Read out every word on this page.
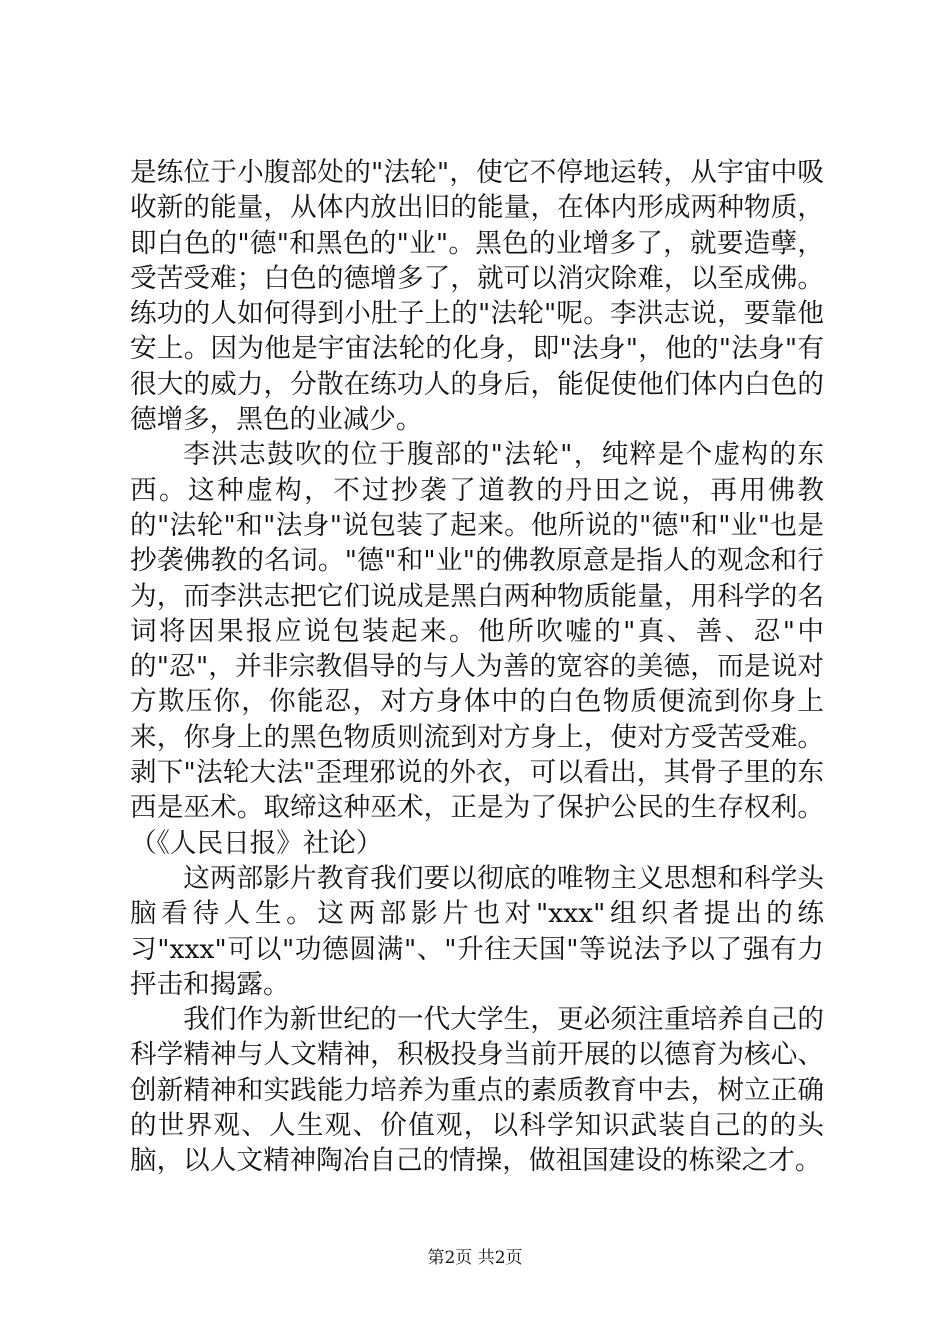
是练位于小腹部处的"法轮"，使它不停地运转，从宇宙中吸收新的能量，从体内放出旧的能量，在体内形成两种物质，即白色的"德"和黑色的"业"。黑色的业增多了，就要造孽，受苦受难；白色的德增多了，就可以消灾除难，以至成佛。练功的人如何得到小肚子上的"法轮"呢。李洪志说，要靠他安上。因为他是宇宙法轮的化身，即"法身"，他的"法身"有很大的威力，分散在练功人的身后，能促使他们体内白色的德增多，黑色的业减少。

李洪志鼓吹的位于腹部的"法轮"，纯粹是个虚构的东西。这种虚构，不过抄袭了道教的丹田之说，再用佛教的"法轮"和"法身"说包装了起来。他所说的"德"和"业"也是抄袭佛教的名词。"德"和"业"的佛教原意是指人的观念和行为，而李洪志把它们说成是黑白两种物质能量，用科学的名词将因果报应说包装起来。他所吹嘘的"真、善、忍"中的"忍"，并非宗教倡导的与人为善的宽容的美德，而是说对方欺压你，你能忍，对方身体中的白色物质便流到你身上来，你身上的黑色物质则流到对方身上，使对方受苦受难。剥下"法轮大法"歪理邪说的外衣，可以看出，其骨子里的东西是巫术。取缔这种巫术，正是为了保护公民的生存权利。（《人民日报》社论）

这两部影片教育我们要以彻底的唯物主义思想和科学头脑看待人生。这两部影片也对"xxx"组织者提出的练习"xxx"可以"功德圆满"、"升往天国"等说法予以了强有力抨击和揭露。

我们作为新世纪的一代大学生，更必须注重培养自己的科学精神与人文精神，积极投身当前开展的以德育为核心、创新精神和实践能力培养为重点的素质教育中去，树立正确的世界观、人生观、价值观，以科学知识武装自己的的头脑，以人文精神陶冶自己的情操，做祖国建设的栋梁之才。

第2页 共2页
